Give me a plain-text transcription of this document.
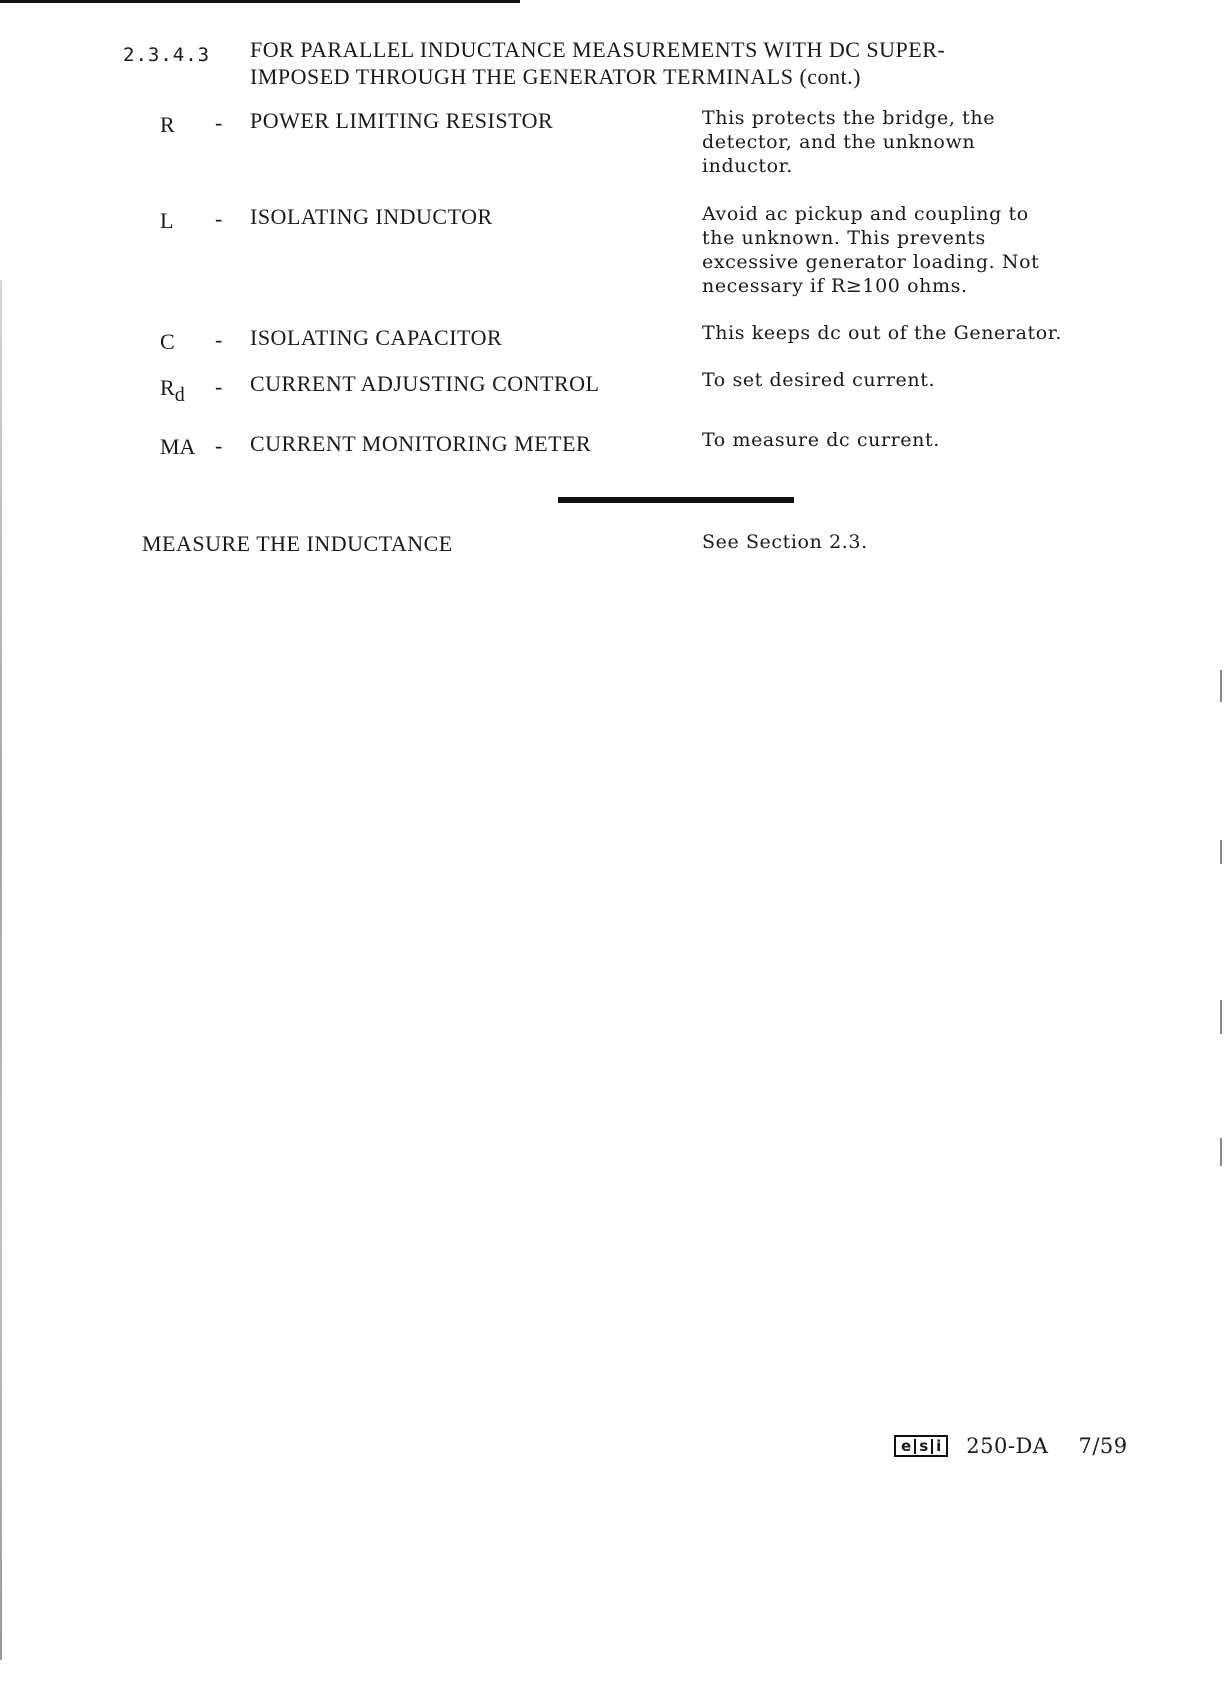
2.3.4.3 FOR PARALLEL INDUCTANCE MEASUREMENTS WITH DC SUPER-
IMPOSED THROUGH THE GENERATOR TERMINALS (cont.)
R - POWER LIMITING RESISTOR	This protects the bridge, the
detector, and the unknown
inductor.
L - ISOLATING INDUCTOR	Avoid ac pickup and coupling to
the unknown. This prevents
excessive generator loading. Not
necessary if R≥100 ohms.
C - ISOLATING CAPACITOR	This keeps dc out of the Generator.
$R_d$ - CURRENT ADJUSTING CONTROL	To set desired current.
MA - CURRENT MONITORING METER	To measure dc current.
MEASURE THE INDUCTANCE	See Section 2.3.
e s i 250-DA 7/59
